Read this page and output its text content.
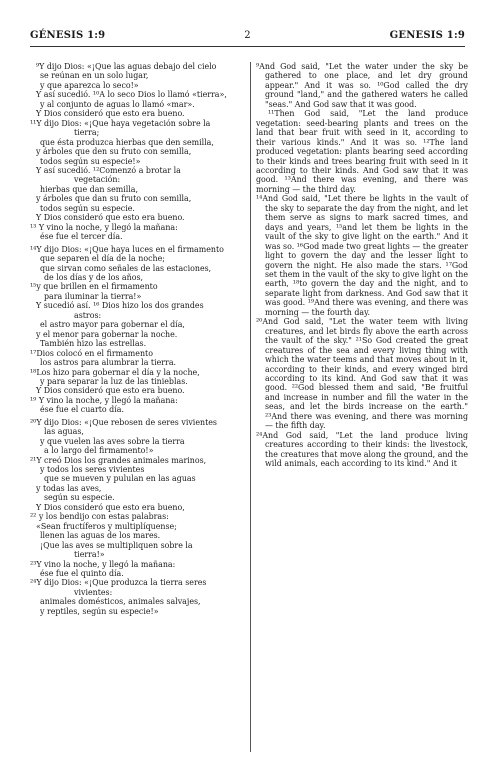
GÉNESIS 1:9	2	GENESIS 1:9
⁹Y dijo Dios: «¡Que las aguas debajo del cielo
se reúnan en un solo lugar,
y que aparezca lo seco!»
Y así sucedió. ¹⁰A lo seco Dios lo llamó «tierra»,
y al conjunto de aguas lo llamó «mar».
Y Dios consideró que esto era bueno.
¹¹Y dijo Dios: «¡Que haya vegetación sobre la
tierra;
que ésta produzca hierbas que den semilla,
y árboles que den su fruto con semilla,
todos según su especie!»
Y así sucedió. ¹²Comenzó a brotar la
vegetación:
hierbas que dan semilla,
y árboles que dan su fruto con semilla,
todos según su especie.
Y Dios consideró que esto era bueno.
¹³ Y vino la noche, y llegó la mañana:
ése fue el tercer día.
¹⁴Y dijo Dios: «¡Que haya luces en el firmamento
que separen el día de la noche;
que sirvan como señales de las estaciones,
de los días y de los años,
¹⁵y que brillen en el firmamento
para iluminar la tierra!»
Y sucedió así. ¹⁶ Dios hizo los dos grandes
astros:
el astro mayor para gobernar el día,
y el menor para gobernar la noche.
También hizo las estrellas.
¹⁷Dios colocó en el firmamento
los astros para alumbrar la tierra.
¹⁸Los hizo para gobernar el día y la noche,
y para separar la luz de las tinieblas.
Y Dios consideró que esto era bueno.
¹⁹ Y vino la noche, y llegó la mañana:
ése fue el cuarto día.
²⁰Y dijo Dios: «¡Que rebosen de seres vivientes
las aguas,
y que vuelen las aves sobre la tierra
a lo largo del firmamento!»
²¹Y creó Dios los grandes animales marinos,
y todos los seres vivientes
que se mueven y pululan en las aguas
y todas las aves,
según su especie.
Y Dios consideró que esto era bueno,
²² y los bendijo con estas palabras:
«Sean fructíferos y multiplíquense;
llenen las aguas de los mares.
¡Que las aves se multipliquen sobre la
tierra!»
²³Y vino la noche, y llegó la mañana:
ése fue el quinto día.
²⁴Y dijo Dios: «¡Que produzca la tierra seres
vivientes:
animales domésticos, animales salvajes,
y reptiles, según su especie!»
⁹And God said, "Let the water under the sky be gathered to one place, and let dry ground appear." And it was so. ¹⁰God called the dry ground "land," and the gathered waters he called "seas." And God saw that it was good.
¹¹Then God said, "Let the land produce vegetation: seed-bearing plants and trees on the land that bear fruit with seed in it, according to their various kinds." And it was so. ¹²The land produced vegetation: plants bearing seed according to their kinds and trees bearing fruit with seed in it according to their kinds. And God saw that it was good. ¹³And there was evening, and there was morning — the third day.
¹⁴And God said, "Let there be lights in the vault of the sky to separate the day from the night, and let them serve as signs to mark sacred times, and days and years, ¹⁵and let them be lights in the vault of the sky to give light on the earth." And it was so. ¹⁶God made two great lights — the greater light to govern the day and the lesser light to govern the night. He also made the stars. ¹⁷God set them in the vault of the sky to give light on the earth, ¹⁸to govern the day and the night, and to separate light from darkness. And God saw that it was good. ¹⁹And there was evening, and there was morning — the fourth day.
²⁰And God said, "Let the water teem with living creatures, and let birds fly above the earth across the vault of the sky." ²¹So God created the great creatures of the sea and every living thing with which the water teems and that moves about in it, according to their kinds, and every winged bird according to its kind. And God saw that it was good. ²²God blessed them and said, "Be fruitful and increase in number and fill the water in the seas, and let the birds increase on the earth." ²³And there was evening, and there was morning — the fifth day.
²⁴And God said, "Let the land produce living creatures according to their kinds: the livestock, the creatures that move along the ground, and the wild animals, each according to its kind." And it
